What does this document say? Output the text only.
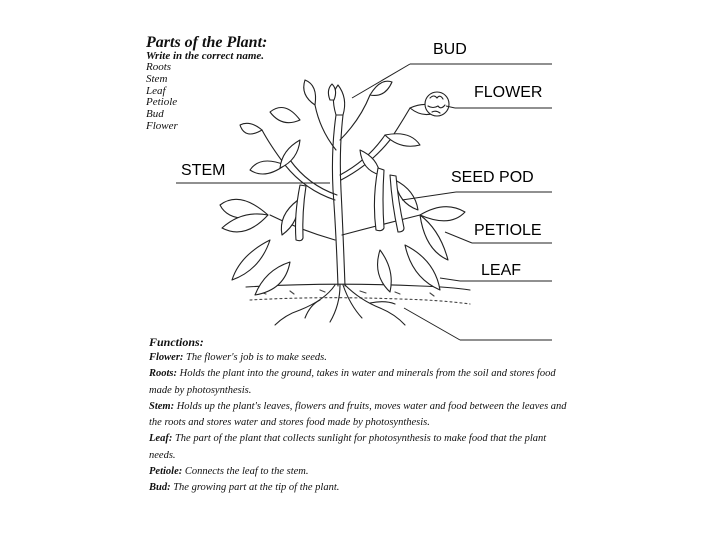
Parts of the Plant:
Write in the correct name.
Roots
Stem
Leaf
Petiole
Bud
Flower
BUD
FLOWER
STEM	SEED POD
PETIOLE
LEAF
Functions:
Flower: The flower's job is to make seeds.
Roots: Holds the plant into the ground, takes in water and minerals from the soil and stores food made by photosynthesis.
Stem: Holds up the plant's leaves, flowers and fruits, moves water and food between the leaves and the roots and stores water and stores food made by photosynthesis.
Leaf: The part of the plant that collects sunlight for photosynthesis to make food that the plant needs.
Petiole: Connects the leaf to the stem.
Bud: The growing part at the tip of the plant.
